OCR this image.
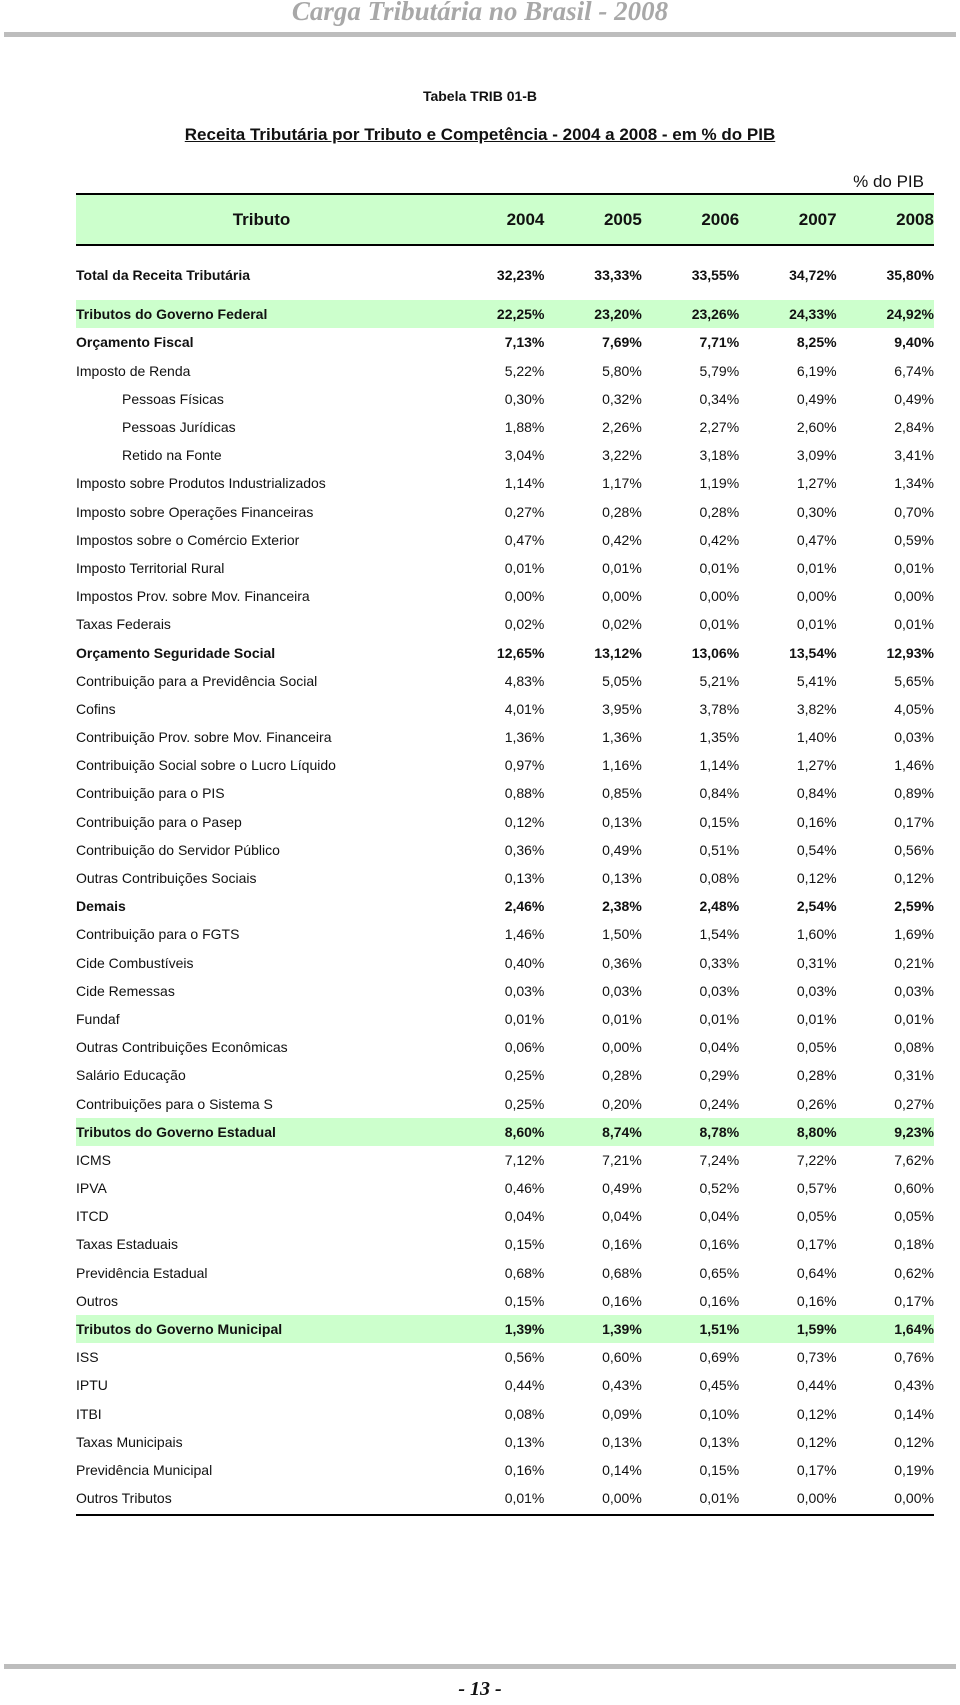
Carga Tributária no Brasil - 2008
Tabela TRIB 01-B
Receita Tributária por Tributo e Competência - 2004 a 2008 - em % do PIB
% do PIB
Tributo	2004	2005	2006	2007	2008
Total da Receita Tributária	32,23%	33,33%	33,55%	34,72%	35,80%
Tributos do Governo Federal	22,25%	23,20%	23,26%	24,33%	24,92%
Orçamento Fiscal	7,13%	7,69%	7,71%	8,25%	9,40%
Imposto de Renda	5,22%	5,80%	5,79%	6,19%	6,74%
Pessoas Físicas	0,30%	0,32%	0,34%	0,49%	0,49%
Pessoas Jurídicas	1,88%	2,26%	2,27%	2,60%	2,84%
Retido na Fonte	3,04%	3,22%	3,18%	3,09%	3,41%
Imposto sobre Produtos Industrializados	1,14%	1,17%	1,19%	1,27%	1,34%
Imposto sobre Operações Financeiras	0,27%	0,28%	0,28%	0,30%	0,70%
Impostos sobre o Comércio Exterior	0,47%	0,42%	0,42%	0,47%	0,59%
Imposto Territorial Rural	0,01%	0,01%	0,01%	0,01%	0,01%
Impostos Prov. sobre Mov. Financeira	0,00%	0,00%	0,00%	0,00%	0,00%
Taxas Federais	0,02%	0,02%	0,01%	0,01%	0,01%
Orçamento Seguridade Social	12,65%	13,12%	13,06%	13,54%	12,93%
Contribuição para a Previdência Social	4,83%	5,05%	5,21%	5,41%	5,65%
Cofins	4,01%	3,95%	3,78%	3,82%	4,05%
Contribuição Prov. sobre Mov. Financeira	1,36%	1,36%	1,35%	1,40%	0,03%
Contribuição Social sobre o Lucro Líquido	0,97%	1,16%	1,14%	1,27%	1,46%
Contribuição para o PIS	0,88%	0,85%	0,84%	0,84%	0,89%
Contribuição para o Pasep	0,12%	0,13%	0,15%	0,16%	0,17%
Contribuição do Servidor Público	0,36%	0,49%	0,51%	0,54%	0,56%
Outras Contribuições Sociais	0,13%	0,13%	0,08%	0,12%	0,12%
Demais	2,46%	2,38%	2,48%	2,54%	2,59%
Contribuição para o FGTS	1,46%	1,50%	1,54%	1,60%	1,69%
Cide Combustíveis	0,40%	0,36%	0,33%	0,31%	0,21%
Cide Remessas	0,03%	0,03%	0,03%	0,03%	0,03%
Fundaf	0,01%	0,01%	0,01%	0,01%	0,01%
Outras Contribuições Econômicas	0,06%	0,00%	0,04%	0,05%	0,08%
Salário Educação	0,25%	0,28%	0,29%	0,28%	0,31%
Contribuições para o Sistema S	0,25%	0,20%	0,24%	0,26%	0,27%
Tributos do Governo Estadual	8,60%	8,74%	8,78%	8,80%	9,23%
ICMS	7,12%	7,21%	7,24%	7,22%	7,62%
IPVA	0,46%	0,49%	0,52%	0,57%	0,60%
ITCD	0,04%	0,04%	0,04%	0,05%	0,05%
Taxas Estaduais	0,15%	0,16%	0,16%	0,17%	0,18%
Previdência Estadual	0,68%	0,68%	0,65%	0,64%	0,62%
Outros	0,15%	0,16%	0,16%	0,16%	0,17%
Tributos do Governo Municipal	1,39%	1,39%	1,51%	1,59%	1,64%
ISS	0,56%	0,60%	0,69%	0,73%	0,76%
IPTU	0,44%	0,43%	0,45%	0,44%	0,43%
ITBI	0,08%	0,09%	0,10%	0,12%	0,14%
Taxas Municipais	0,13%	0,13%	0,13%	0,12%	0,12%
Previdência Municipal	0,16%	0,14%	0,15%	0,17%	0,19%
Outros Tributos	0,01%	0,00%	0,01%	0,00%	0,00%
- 13 -
